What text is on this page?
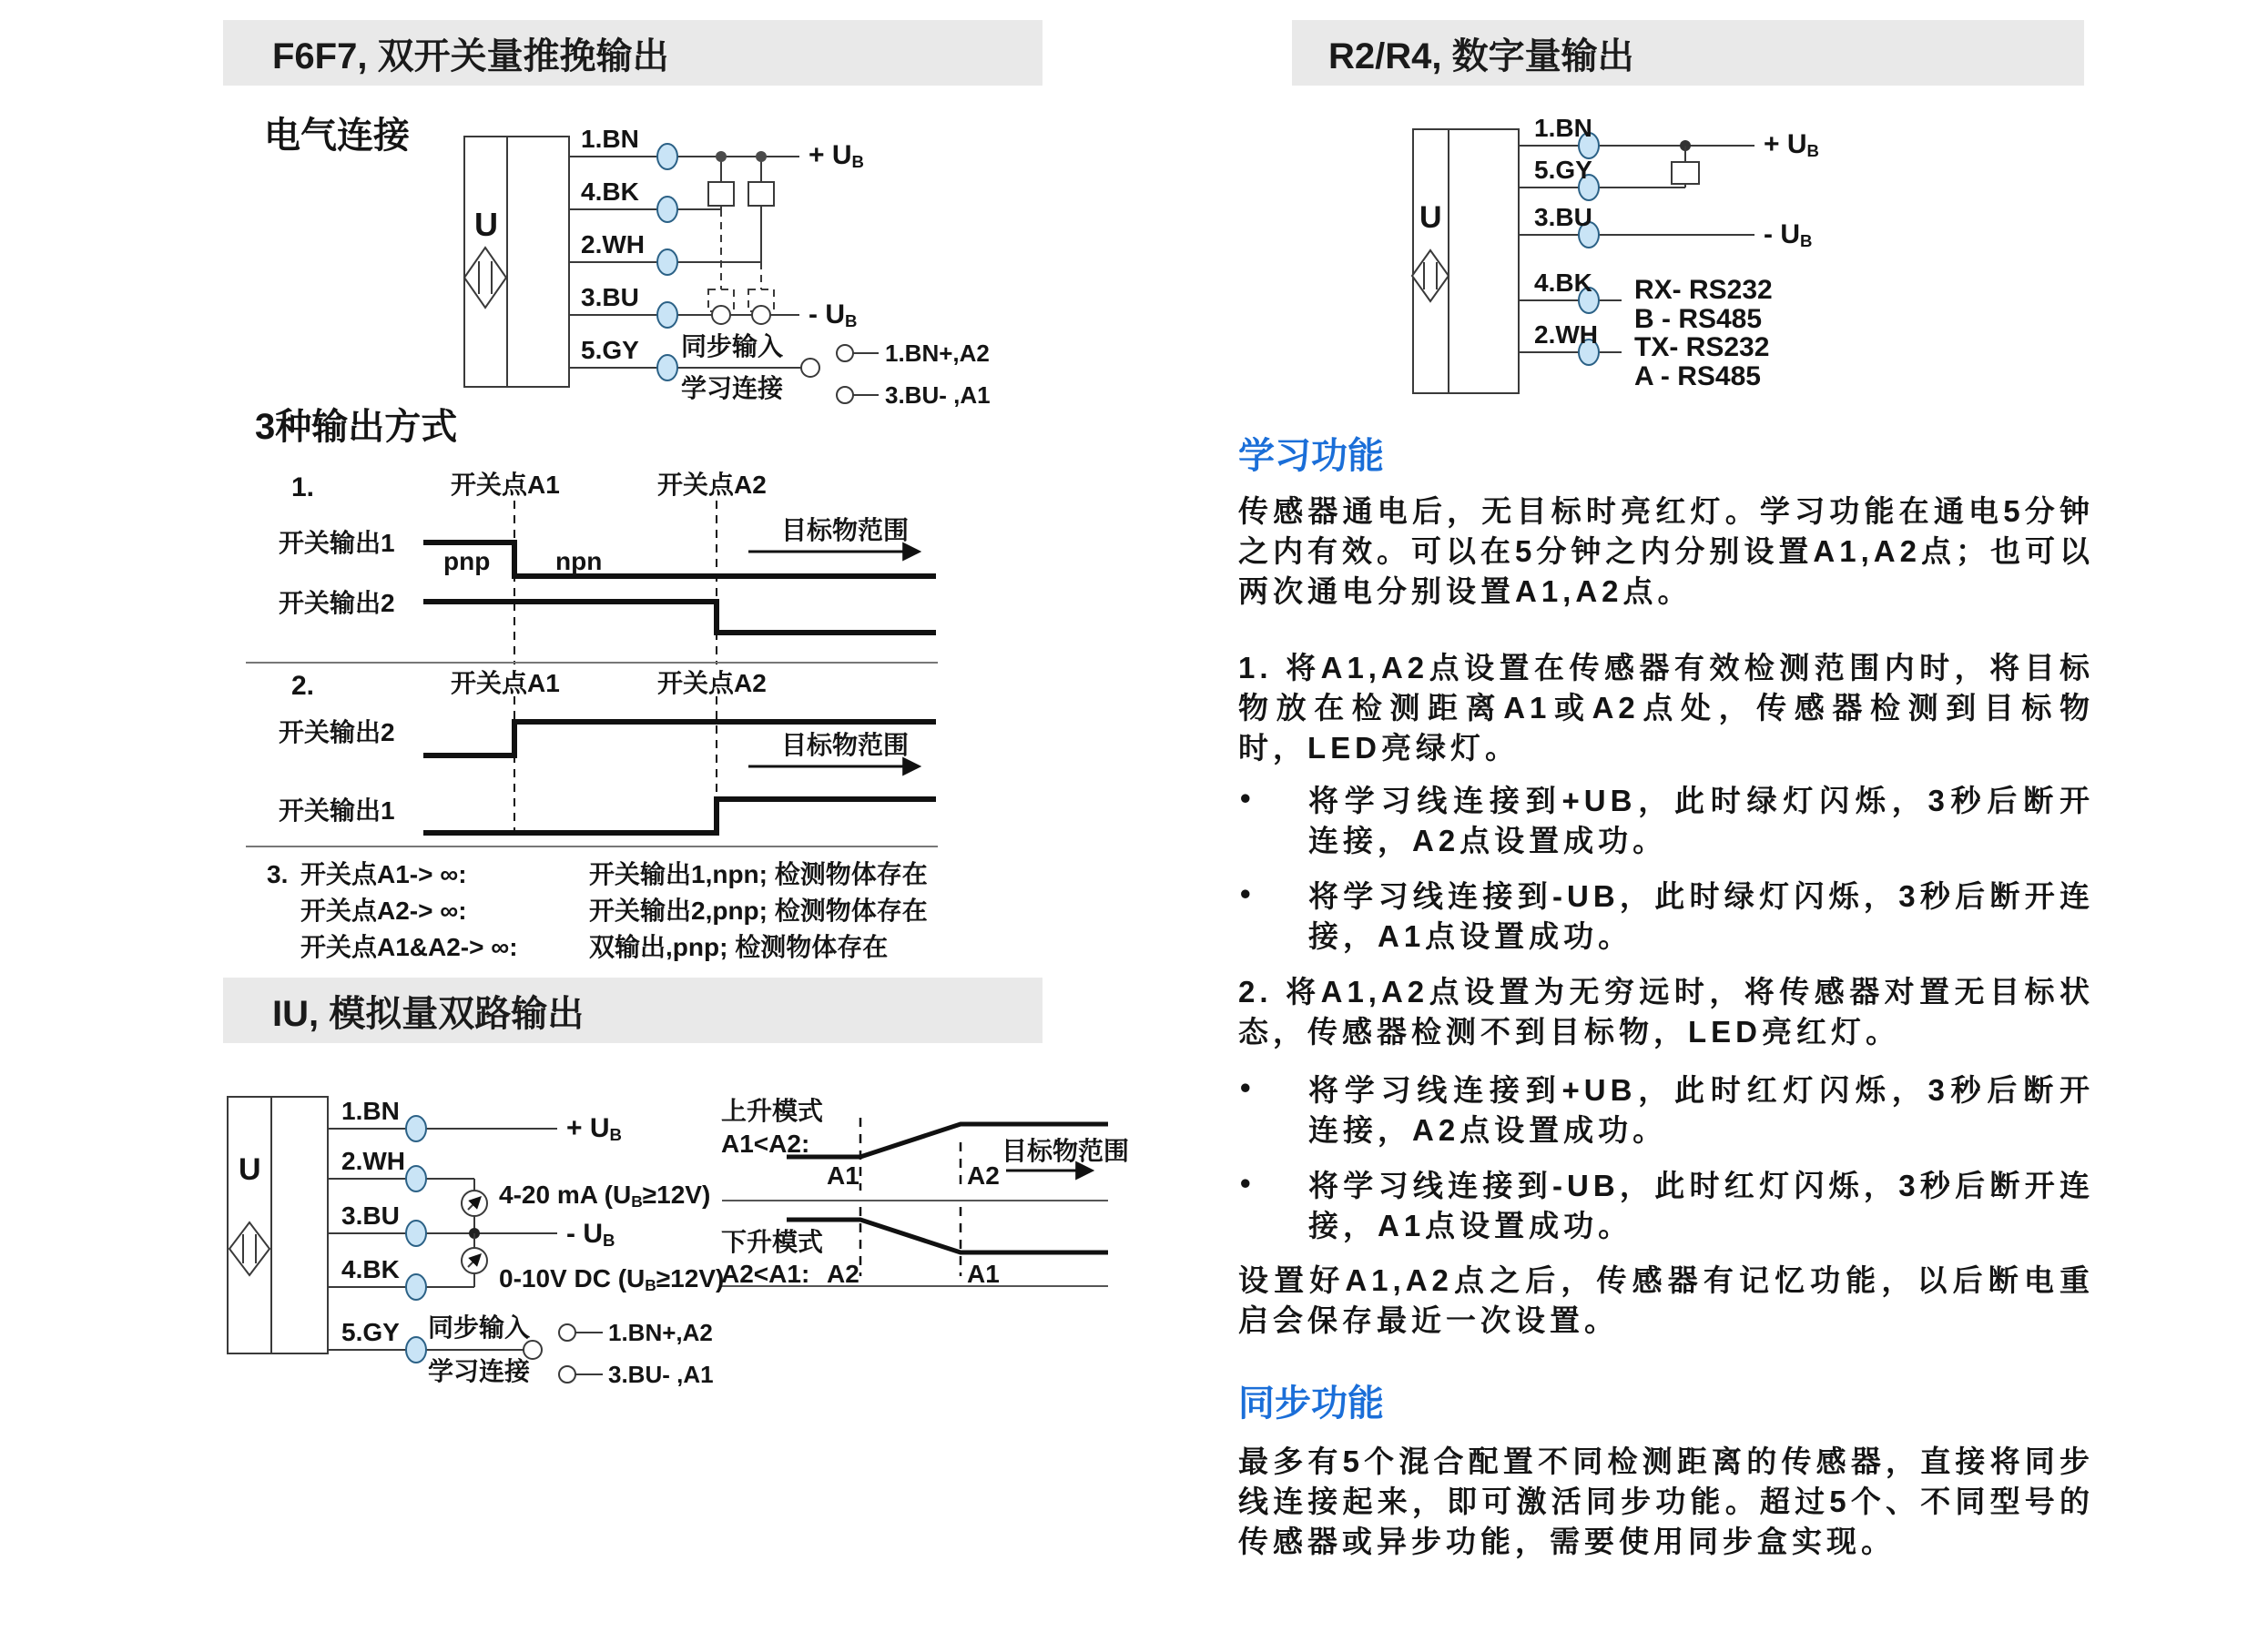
F6F7, 双开关量推挽输出
IU, 模拟量双路输出
R2/R4, 数字量输出
电气连接
U
1.BN
4.BK
2.WH
3.BU
5.GY
+ $U_B$
- $U_B$
同步输入
学习连接
1.BN+,A2
3.BU- ,A1
3种输出方式
1.	开关点A1	开关点A2
开关输出1
pnp	npn
目标物范围
开关输出2
2.	开关点A1	开关点A2
开关输出2	目标物范围
开关输出1
3. 开关点A1-> ∞:	开关输出1,npn; 检测物体存在
开关点A2-> ∞:	开关输出2,pnp; 检测物体存在
开关点A1&A2-> ∞:	双输出,pnp; 检测物体存在
U
1.BN
2.WH
3.BU
4.BK
5.GY
+ $U_B$
- $U_B$
4-20 mA $(U_B\ge 12V)$
0-10V DC $(U_B\ge 12V)$
同步输入
学习连接
1.BN+,A2
3.BU- ,A1
上升模式
A1<A2:
A1	A2
目标物范围
下升模式
A2<A1: A2	A1
U
1.BN
5.GY
3.BU
4.BK
2.WH
+ $U_B$
- $U_B$
RX- RS232
B - RS485
TX- RS232
A - RS485
学习功能
传感器通电后，无目标时亮红灯。学习功能在通电5分钟之内有效。可以在5分钟之内分别设置A1,A2点；也可以两次通电分别设置A1,A2点。
1. 将A1,A2点设置在传感器有效检测范围内时，将目标物放在检测距离A1或A2点处，传感器检测到目标物时，LED亮绿灯。
•	将学习线连接到+UB，此时绿灯闪烁，3秒后断开连接，A2点设置成功。
•	将学习线连接到-UB，此时绿灯闪烁，3秒后断开连接，A1点设置成功。
2. 将A1,A2点设置为无穷远时，将传感器对置无目标状态，传感器检测不到目标物，LED亮红灯。
•	将学习线连接到+UB，此时红灯闪烁，3秒后断开连接，A2点设置成功。
•	将学习线连接到-UB，此时红灯闪烁，3秒后断开连接，A1点设置成功。
设置好A1,A2点之后，传感器有记忆功能，以后断电重启会保存最近一次设置。
同步功能
最多有5个混合配置不同检测距离的传感器，直接将同步线连接起来，即可激活同步功能。超过5个、不同型号的传感器或异步功能，需要使用同步盒实现。
